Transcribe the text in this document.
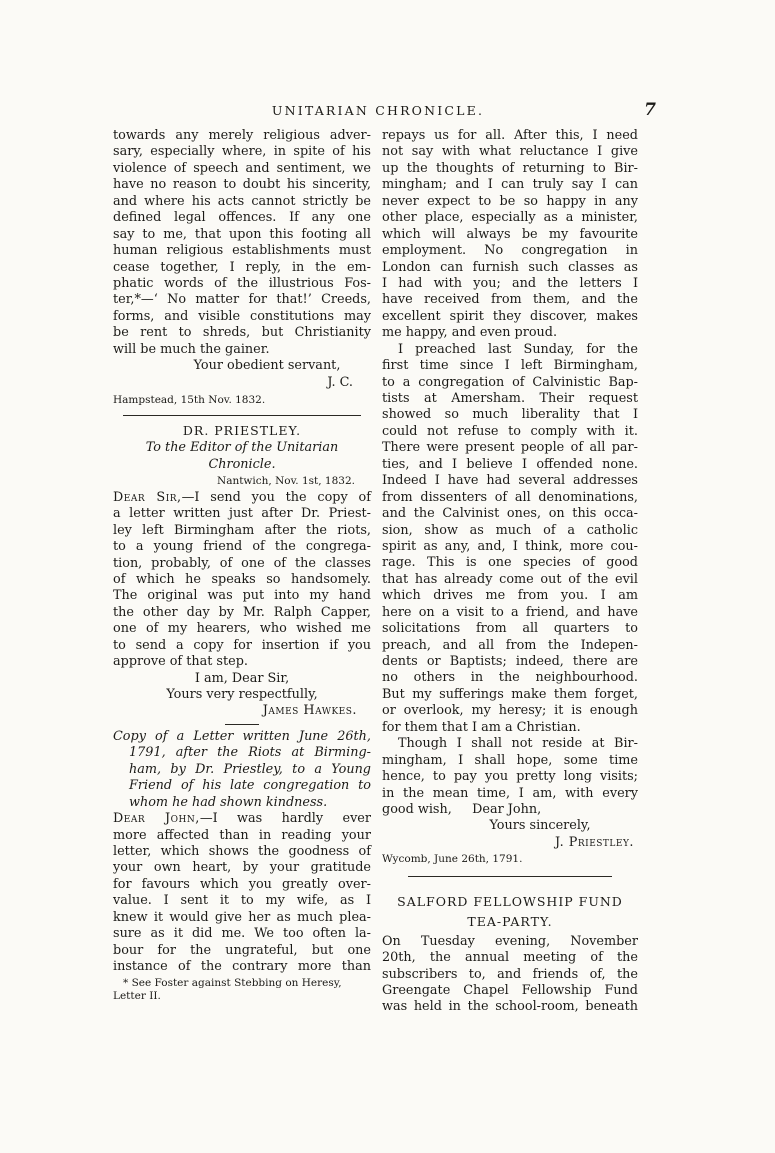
UNITARIAN CHRONICLE.	7
towards any merely religious adver-
sary, especially where, in spite of his
violence of speech and sentiment, we
have no reason to doubt his sincerity,
and where his acts cannot strictly be
defined legal offences. If any one
say to me, that upon this footing all
human religious establishments must
cease together, I reply, in the em-
phatic words of the illustrious Fos-
ter,*—‘ No matter for that!’ Creeds,
forms, and visible constitutions may
be rent to shreds, but Christianity
will be much the gainer.
Your obedient servant,
J. C.
Hampstead, 15th Nov. 1832.
DR. PRIESTLEY.
To the Editor of the Unitarian
Chronicle.
Nantwich, Nov. 1st, 1832.
Dear Sir,—I send you the copy of
a letter written just after Dr. Priest-
ley left Birmingham after the riots,
to a young friend of the congrega-
tion, probably, of one of the classes
of which he speaks so handsomely.
The original was put into my hand
the other day by Mr. Ralph Capper,
one of my hearers, who wished me
to send a copy for insertion if you
approve of that step.
I am, Dear Sir,
Yours very respectfully,
James Hawkes.
Copy of a Letter written June 26th,
1791, after the Riots at Birming-
ham, by Dr. Priestley, to a Young
Friend of his late congregation to
whom he had shown kindness.
Dear John,—I was hardly ever
more affected than in reading your
letter, which shows the goodness of
your own heart, by your gratitude
for favours which you greatly over-
value. I sent it to my wife, as I
knew it would give her as much plea-
sure as it did me. We too often la-
bour for the ungrateful, but one
instance of the contrary more than
* See Foster against Stebbing on Heresy,
Letter II.
repays us for all. After this, I need
not say with what reluctance I give
up the thoughts of returning to Bir-
mingham; and I can truly say I can
never expect to be so happy in any
other place, especially as a minister,
which will always be my favourite
employment. No congregation in
London can furnish such classes as
I had with you; and the letters I
have received from them, and the
excellent spirit they discover, makes
me happy, and even proud.
I preached last Sunday, for the
first time since I left Birmingham,
to a congregation of Calvinistic Bap-
tists at Amersham. Their request
showed so much liberality that I
could not refuse to comply with it.
There were present people of all par-
ties, and I believe I offended none.
Indeed I have had several addresses
from dissenters of all denominations,
and the Calvinist ones, on this occa-
sion, show as much of a catholic
spirit as any, and, I think, more cou-
rage. This is one species of good
that has already come out of the evil
which drives me from you. I am
here on a visit to a friend, and have
solicitations from all quarters to
preach, and all from the Indepen-
dents or Baptists; indeed, there are
no others in the neighbourhood.
But my sufferings make them forget,
or overlook, my heresy; it is enough
for them that I am a Christian.
Though I shall not reside at Bir-
mingham, I shall hope, some time
hence, to pay you pretty long visits;
in the mean time, I am, with every
good wish,     Dear John,
Yours sincerely,
J. Priestley.
Wycomb, June 26th, 1791.
SALFORD FELLOWSHIP FUND
TEA-PARTY.
On Tuesday evening, November
20th, the annual meeting of the
subscribers to, and friends of, the
Greengate Chapel Fellowship Fund
was held in the school-room, beneath
